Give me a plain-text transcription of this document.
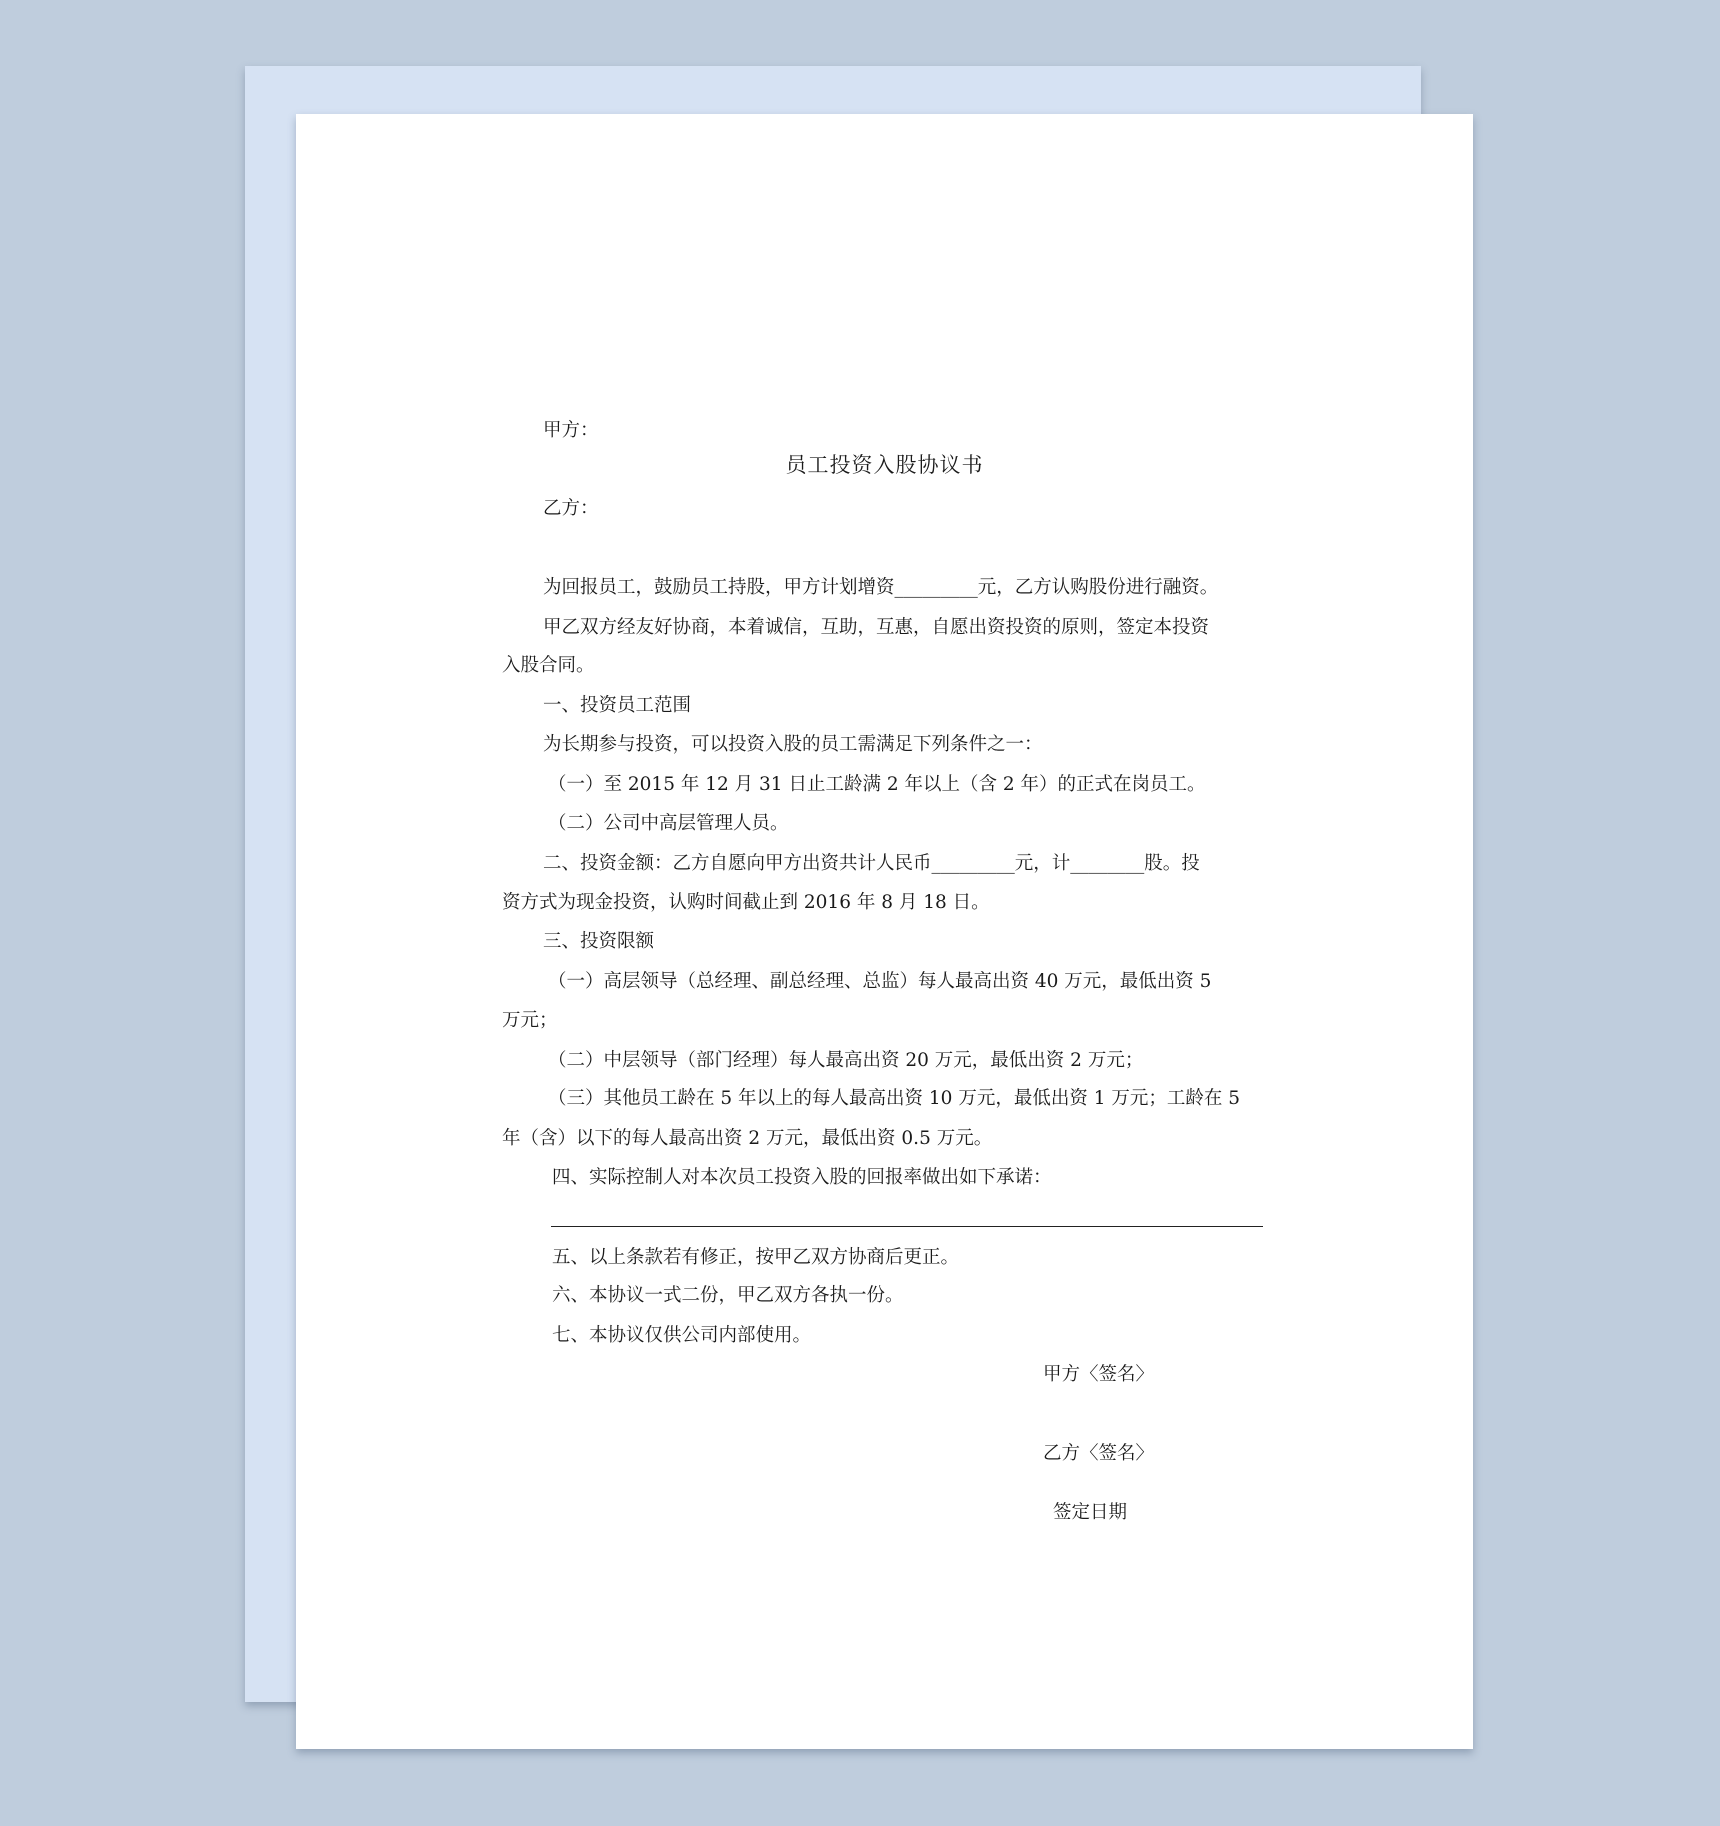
员工投资入股协议书
甲方：
乙方：
为回报员工，鼓励员工持股，甲方计划增资_________元，乙方认购股份进行融资。
甲乙双方经友好协商，本着诚信，互助，互惠，自愿出资投资的原则，签定本投资
入股合同。
一、投资员工范围
为长期参与投资，可以投资入股的员工需满足下列条件之一：
（一）至 2015 年 12 月 31 日止工龄满 2 年以上（含 2 年）的正式在岗员工。
（二）公司中高层管理人员。
二、投资金额：乙方自愿向甲方出资共计人民币_________元，计________股。投
资方式为现金投资，认购时间截止到 2016 年 8 月 18 日。
三、投资限额
（一）高层领导（总经理、副总经理、总监）每人最高出资 40 万元，最低出资 5
万元；
（二）中层领导（部门经理）每人最高出资 20 万元，最低出资 2 万元；
（三）其他员工龄在 5 年以上的每人最高出资 10 万元，最低出资 1 万元；工龄在 5
年（含）以下的每人最高出资 2 万元，最低出资 0.5 万元。
四、实际控制人对本次员工投资入股的回报率做出如下承诺：
五、以上条款若有修正，按甲乙双方协商后更正。
六、本协议一式二份，甲乙双方各执一份。
七、本协议仅供公司内部使用。
甲方〈签名〉
乙方〈签名〉
签定日期
